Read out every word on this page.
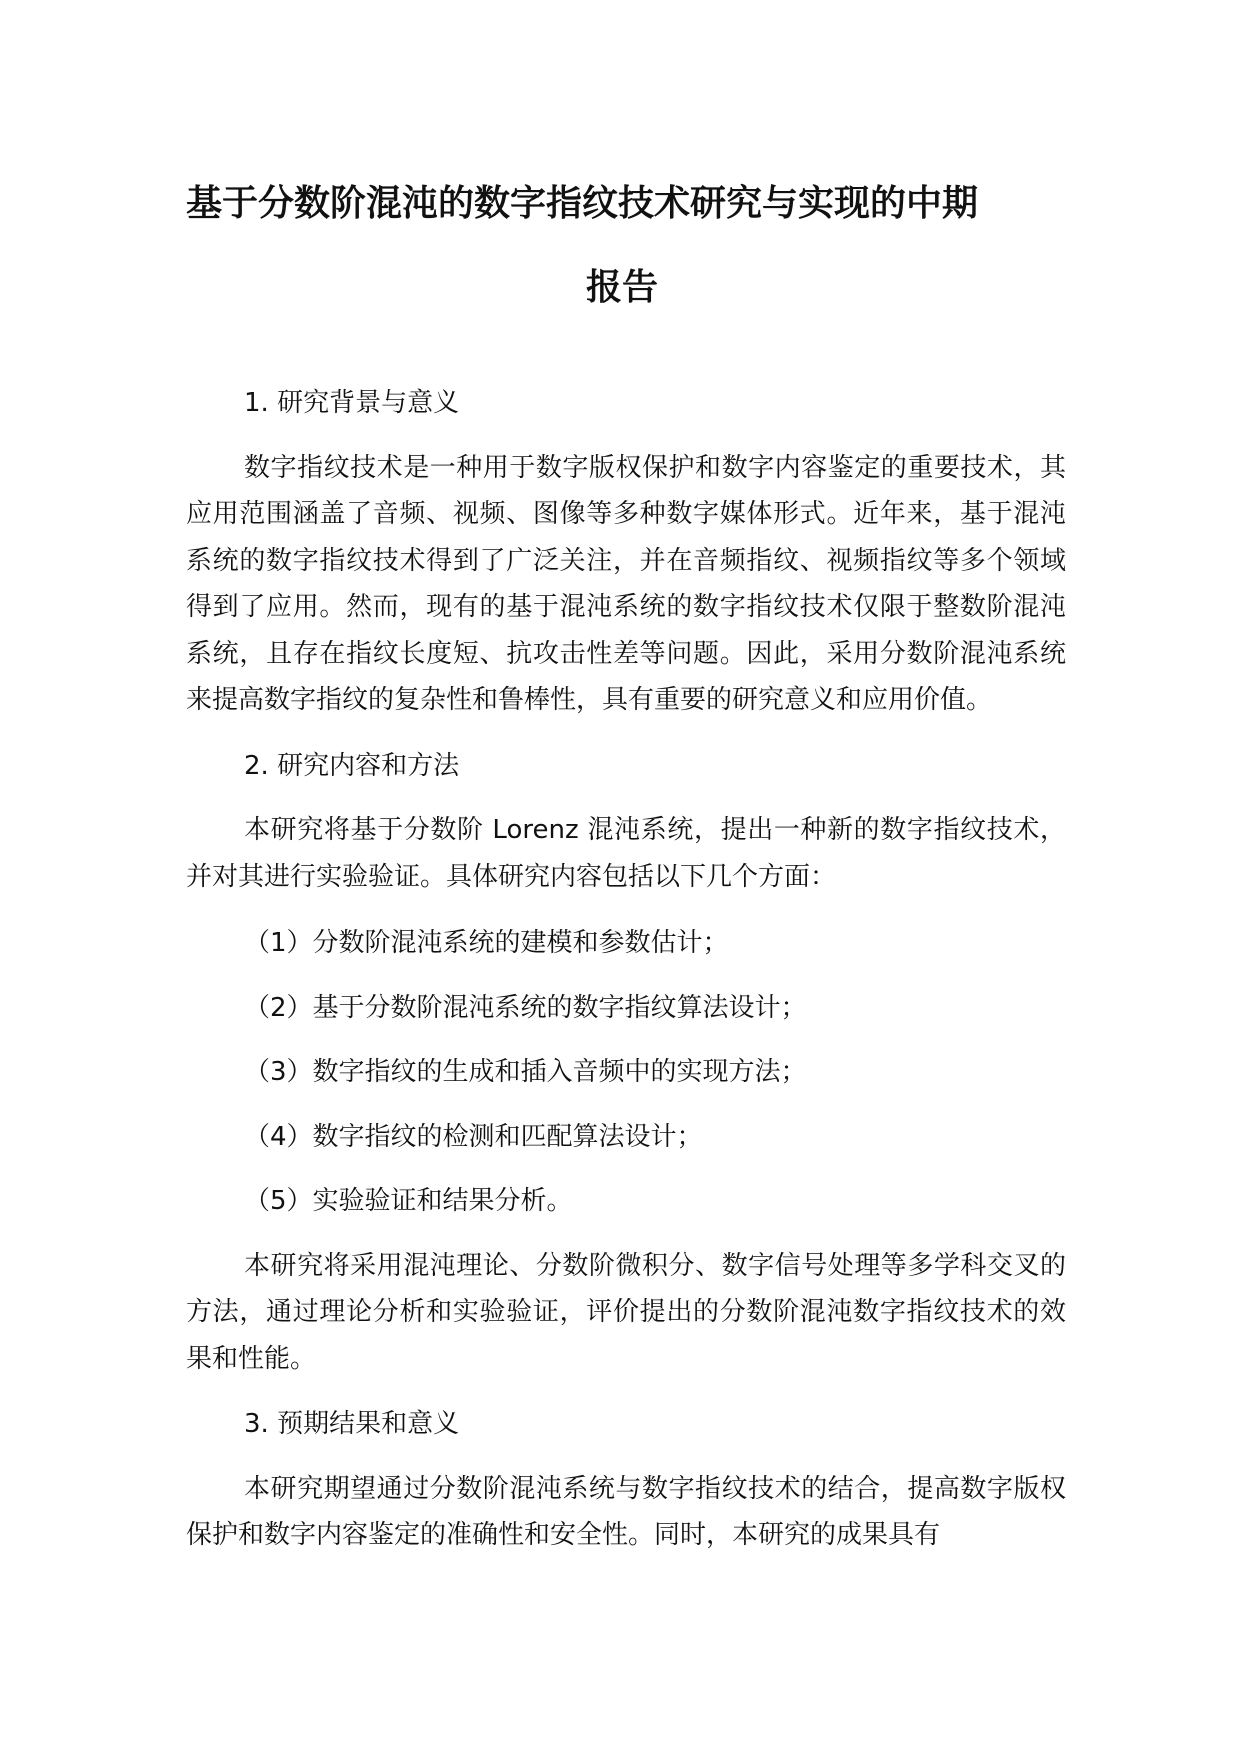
基于分数阶混沌的数字指纹技术研究与实现的中期
报告

1. 研究背景与意义

数字指纹技术是一种用于数字版权保护和数字内容鉴定的重要技术，其应用范围涵盖了音频、视频、图像等多种数字媒体形式。近年来，基于混沌系统的数字指纹技术得到了广泛关注，并在音频指纹、视频指纹等多个领域得到了应用。然而，现有的基于混沌系统的数字指纹技术仅限于整数阶混沌系统，且存在指纹长度短、抗攻击性差等问题。因此，采用分数阶混沌系统来提高数字指纹的复杂性和鲁棒性，具有重要的研究意义和应用价值。

2. 研究内容和方法

本研究将基于分数阶 Lorenz 混沌系统，提出一种新的数字指纹技术，并对其进行实验验证。具体研究内容包括以下几个方面：

（1）分数阶混沌系统的建模和参数估计；

（2）基于分数阶混沌系统的数字指纹算法设计；

（3）数字指纹的生成和插入音频中的实现方法；

（4）数字指纹的检测和匹配算法设计；

（5）实验验证和结果分析。

本研究将采用混沌理论、分数阶微积分、数字信号处理等多学科交叉的方法，通过理论分析和实验验证，评价提出的分数阶混沌数字指纹技术的效果和性能。

3. 预期结果和意义

本研究期望通过分数阶混沌系统与数字指纹技术的结合，提高数字版权保护和数字内容鉴定的准确性和安全性。同时，本研究的成果具有
